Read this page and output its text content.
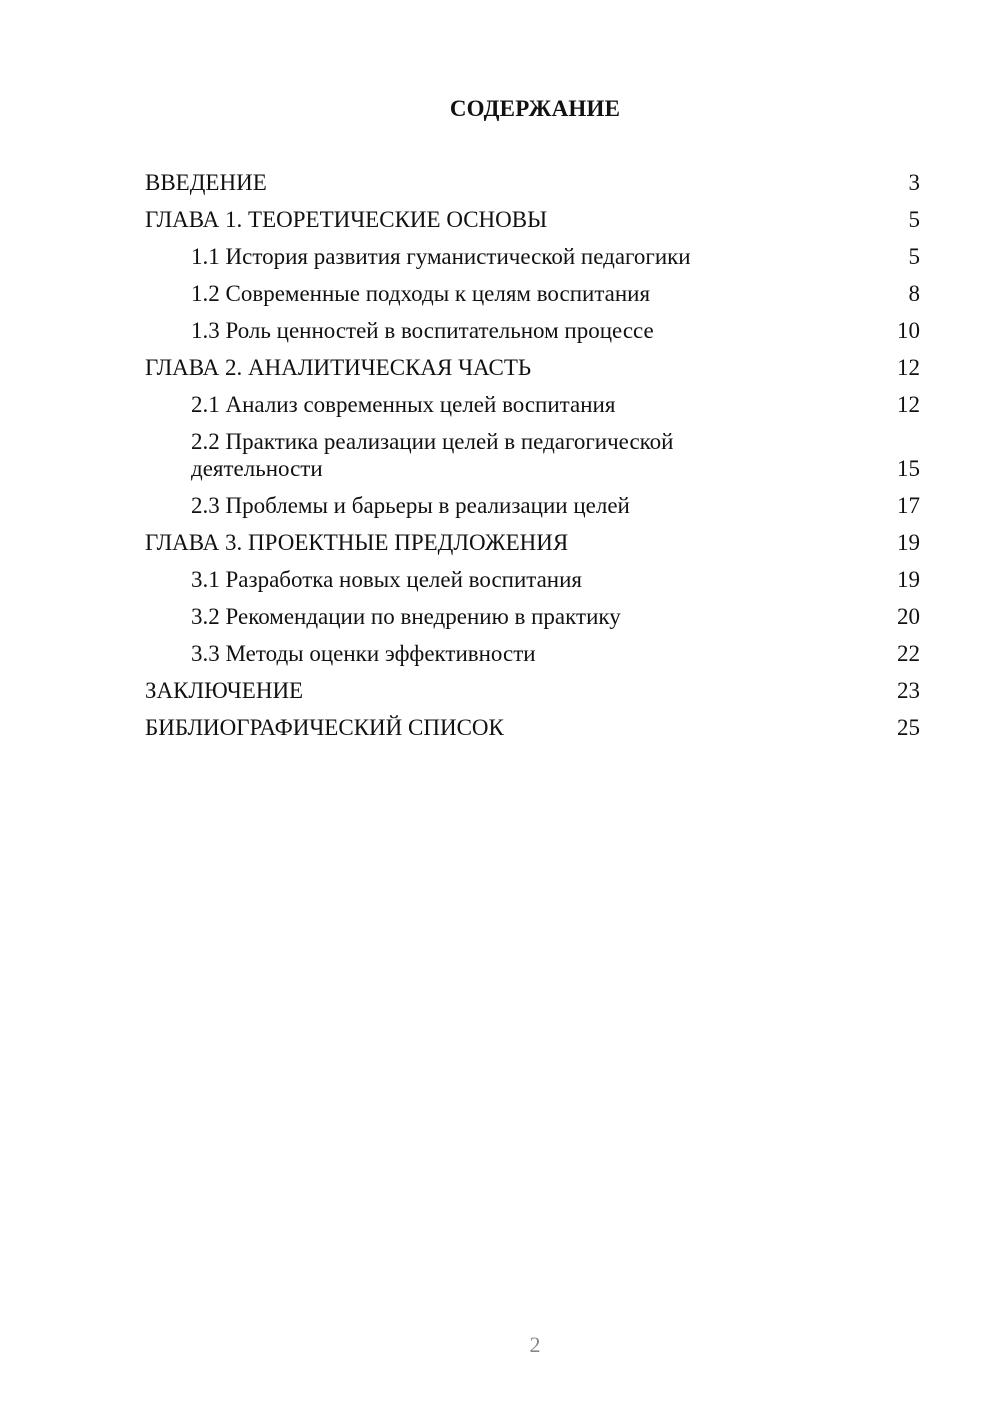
СОДЕРЖАНИЕ
ВВЕДЕНИЕ	3
ГЛАВА 1. ТЕОРЕТИЧЕСКИЕ ОСНОВЫ	5
1.1 История развития гуманистической педагогики	5
1.2 Современные подходы к целям воспитания	8
1.3 Роль ценностей в воспитательном процессе	10
ГЛАВА 2. АНАЛИТИЧЕСКАЯ ЧАСТЬ	12
2.1 Анализ современных целей воспитания	12
2.2 Практика реализации целей в педагогической деятельности	15
2.3 Проблемы и барьеры в реализации целей	17
ГЛАВА 3. ПРОЕКТНЫЕ ПРЕДЛОЖЕНИЯ	19
3.1 Разработка новых целей воспитания	19
3.2 Рекомендации по внедрению в практику	20
3.3 Методы оценки эффективности	22
ЗАКЛЮЧЕНИЕ	23
БИБЛИОГРАФИЧЕСКИЙ СПИСОК	25
2
